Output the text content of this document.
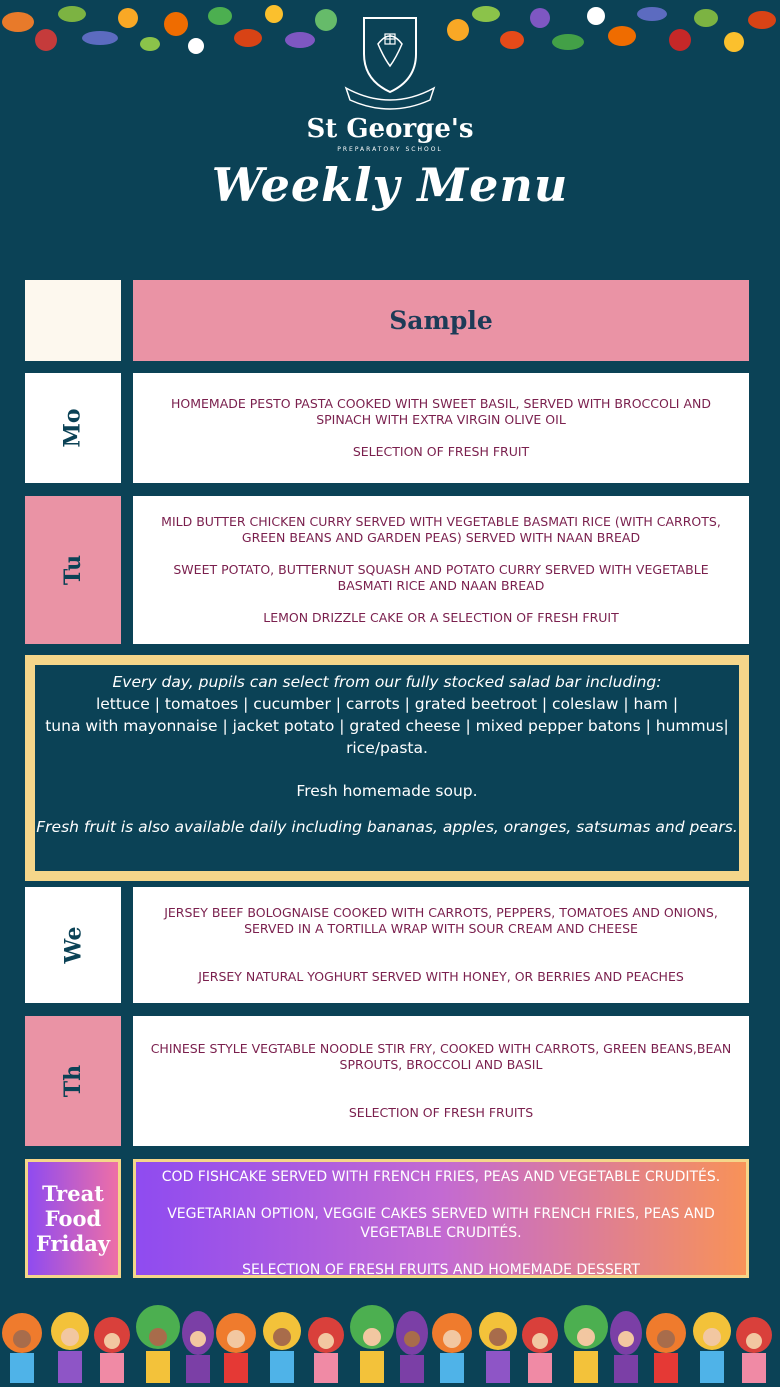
St George's
PREPARATORY SCHOOL
Weekly Menu
Sample
Mo

HOMEMADE PESTO PASTA COOKED WITH SWEET BASIL, SERVED WITH BROCCOLI AND SPINACH WITH EXTRA VIRGIN OLIVE OIL

SELECTION OF FRESH FRUIT

Tu

MILD BUTTER CHICKEN CURRY SERVED WITH VEGETABLE BASMATI RICE (WITH CARROTS, GREEN BEANS AND GARDEN PEAS) SERVED WITH NAAN BREAD

SWEET POTATO, BUTTERNUT SQUASH AND POTATO CURRY SERVED WITH VEGETABLE BASMATI RICE AND NAAN BREAD

LEMON DRIZZLE CAKE OR A SELECTION OF FRESH FRUIT

Every day, pupils can select from our fully stocked salad bar including:

lettuce | tomatoes | cucumber | carrots | grated beetroot | coleslaw | ham |

tuna with mayonnaise | jacket potato | grated cheese | mixed pepper batons | hummus|

rice/pasta.

Fresh homemade soup.

Fresh fruit is also available daily including bananas, apples, oranges, satsumas and pears.

We

JERSEY BEEF BOLOGNAISE COOKED WITH CARROTS, PEPPERS, TOMATOES AND ONIONS, SERVED IN A TORTILLA WRAP WITH SOUR CREAM AND CHEESE

JERSEY NATURAL YOGHURT SERVED WITH HONEY, OR BERRIES AND PEACHES

Th

CHINESE STYLE VEGTABLE NOODLE STIR FRY, COOKED WITH CARROTS, GREEN BEANS,BEAN SPROUTS, BROCCOLI AND BASIL

SELECTION OF FRESH FRUITS

Treat
Food
Friday

COD FISHCAKE SERVED WITH FRENCH FRIES, PEAS AND VEGETABLE CRUDITÉS.

VEGETARIAN OPTION, VEGGIE CAKES SERVED WITH FRENCH FRIES, PEAS AND VEGETABLE CRUDITÉS.

SELECTION OF FRESH FRUITS AND HOMEMADE DESSERT
